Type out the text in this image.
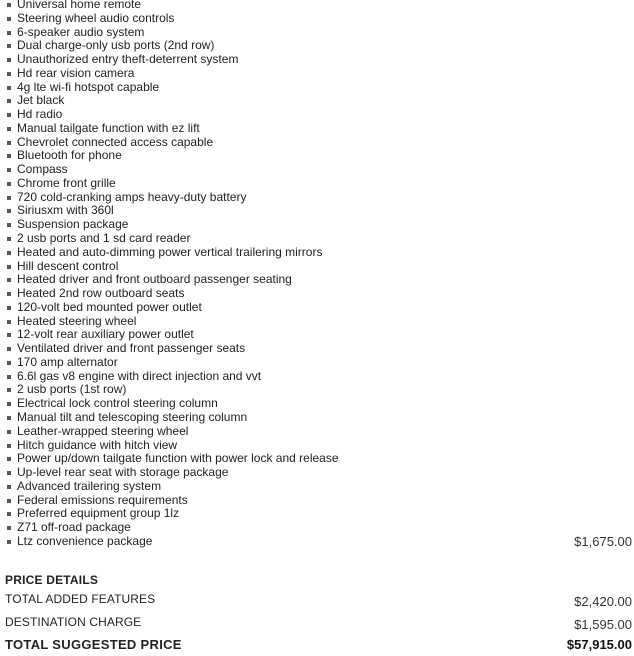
Universal home remote
Steering wheel audio controls
6-speaker audio system
Dual charge-only usb ports (2nd row)
Unauthorized entry theft-deterrent system
Hd rear vision camera
4g lte wi-fi hotspot capable
Jet black
Hd radio
Manual tailgate function with ez lift
Chevrolet connected access capable
Bluetooth for phone
Compass
Chrome front grille
720 cold-cranking amps heavy-duty battery
Siriusxm with 360l
Suspension package
2 usb ports and 1 sd card reader
Heated and auto-dimming power vertical trailering mirrors
Hill descent control
Heated driver and front outboard passenger seating
Heated 2nd row outboard seats
120-volt bed mounted power outlet
Heated steering wheel
12-volt rear auxiliary power outlet
Ventilated driver and front passenger seats
170 amp alternator
6.6l gas v8 engine with direct injection and vvt
2 usb ports (1st row)
Electrical lock control steering column
Manual tilt and telescoping steering column
Leather-wrapped steering wheel
Hitch guidance with hitch view
Power up/down tailgate function with power lock and release
Up-level rear seat with storage package
Advanced trailering system
Federal emissions requirements
Preferred equipment group 1lz
Z71 off-road package
Ltz convenience package	$1,675.00
PRICE DETAILS
TOTAL ADDED FEATURES	$2,420.00
DESTINATION CHARGE	$1,595.00
TOTAL SUGGESTED PRICE	$57,915.00
